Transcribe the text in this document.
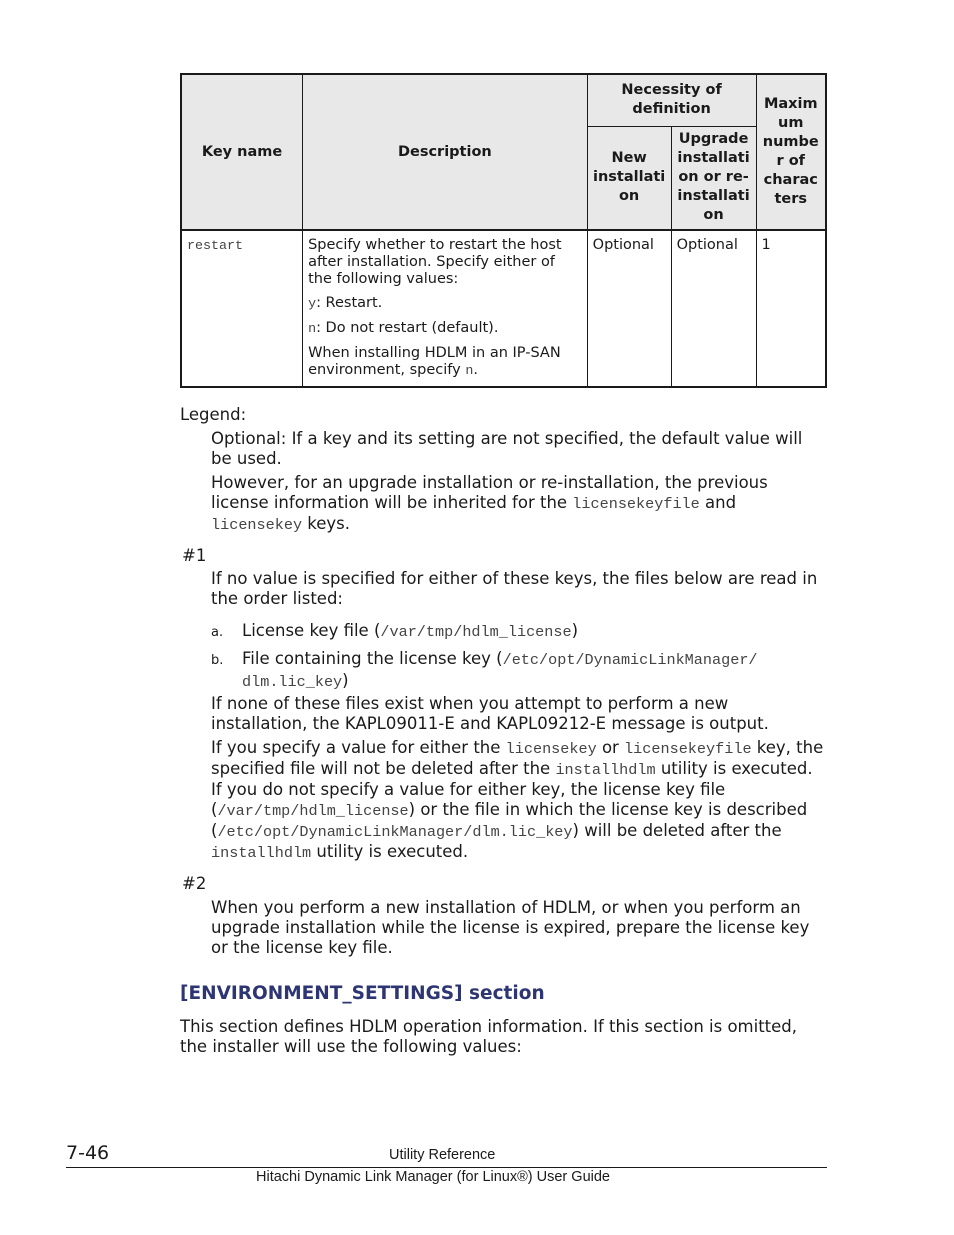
Key name	Description	Necessity of definition		Maxim um numbe r of charac ters
		New installati on	Upgrade installati on or re-installati on	
restart	Specify whether to restart the host after installation. Specify either of the following values:

y: Restart.

n: Do not restart (default).

When installing HDLM in an IP-SAN environment, specify n.	Optional	Optional	1
Legend:

Optional: If a key and its setting are not specified, the default value will be used.

However, for an upgrade installation or re-installation, the previous license information will be inherited for the licensekeyfile and licensekey keys.

#1
If no value is specified for either of these keys, the files below are read in the order listed:
a. License key file (/var/tmp/hdlm_license)
b. File containing the license key (/etc/opt/DynamicLinkManager/
dlm.lic_key)

If none of these files exist when you attempt to perform a new installation, the KAPL09011-E and KAPL09212-E message is output.

If you specify a value for either the licensekey or licensekeyfile key, the specified file will not be deleted after the installhdlm utility is executed. If you do not specify a value for either key, the license key file (/var/tmp/hdlm_license) or the file in which the license key is described (/etc/opt/DynamicLinkManager/dlm.lic_key) will be deleted after the installhdlm utility is executed.

#2
When you perform a new installation of HDLM, or when you perform an upgrade installation while the license is expired, prepare the license key or the license key file.
[ENVIRONMENT_SETTINGS] section
This section defines HDLM operation information. If this section is omitted, the installer will use the following values:
7-46	Utility Reference
Hitachi Dynamic Link Manager (for Linux®) User Guide
